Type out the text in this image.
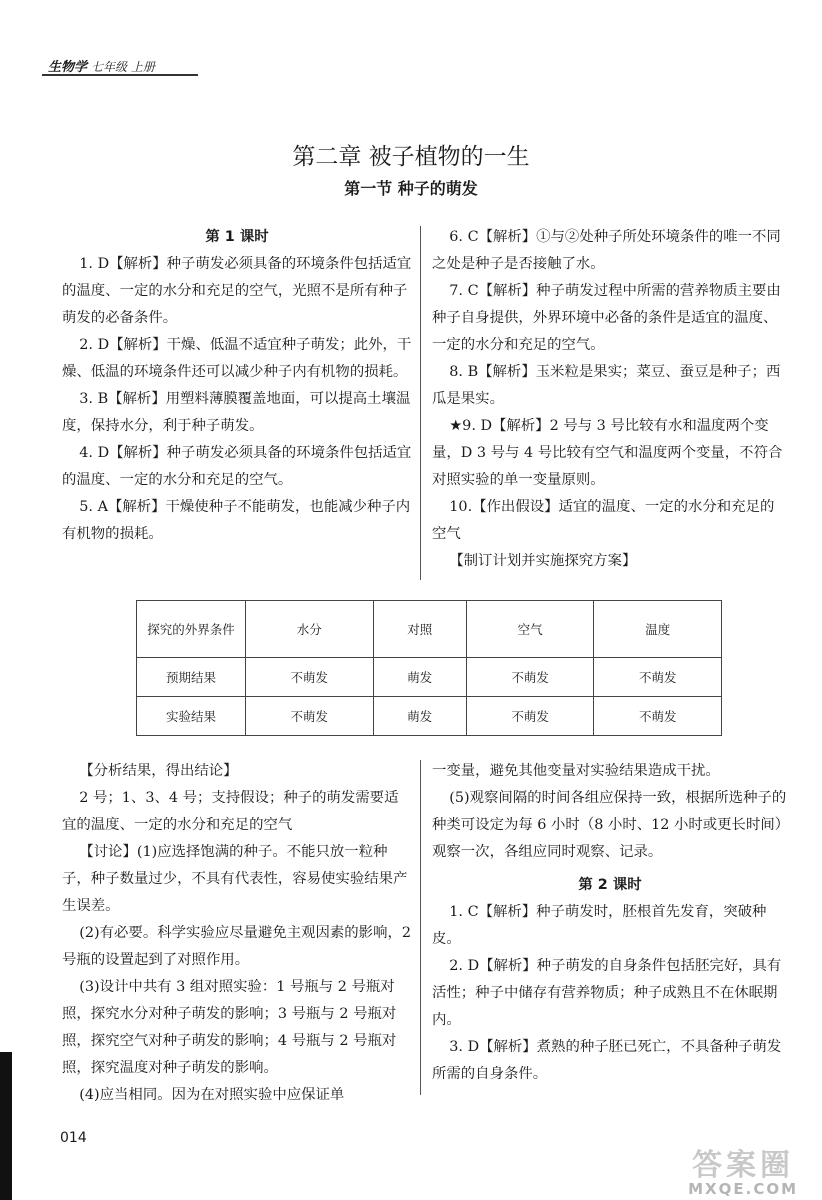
生物学 七年级 上册
第二章 被子植物的一生
第一节 种子的萌发

第 1 课时

1. D【解析】种子萌发必须具备的环境条件包括适宜的温度、一定的水分和充足的空气，光照不是所有种子萌发的必备条件。

2. D【解析】干燥、低温不适宜种子萌发；此外，干燥、低温的环境条件还可以减少种子内有机物的损耗。

3. B【解析】用塑料薄膜覆盖地面，可以提高土壤温度，保持水分，利于种子萌发。

4. D【解析】种子萌发必须具备的环境条件包括适宜的温度、一定的水分和充足的空气。

5. A【解析】干燥使种子不能萌发，也能减少种子内有机物的损耗。

6. C【解析】①与②处种子所处环境条件的唯一不同之处是种子是否接触了水。

7. C【解析】种子萌发过程中所需的营养物质主要由种子自身提供，外界环境中必备的条件是适宜的温度、一定的水分和充足的空气。

8. B【解析】玉米粒是果实；菜豆、蚕豆是种子；西瓜是果实。

★9. D【解析】2 号与 3 号比较有水和温度两个变量，D 3 号与 4 号比较有空气和温度两个变量，不符合对照实验的单一变量原则。

10.【作出假设】适宜的温度、一定的水分和充足的空气

【制订计划并实施探究方案】

探究的外界条件	水分	对照	空气	温度
预期结果	不萌发	萌发	不萌发	不萌发
实验结果	不萌发	萌发	不萌发	不萌发

【分析结果，得出结论】

2 号；1、3、4 号；支持假设；种子的萌发需要适宜的温度、一定的水分和充足的空气

【讨论】(1)应选择饱满的种子。不能只放一粒种子，种子数量过少，不具有代表性，容易使实验结果产生误差。

(2)有必要。科学实验应尽量避免主观因素的影响，2 号瓶的设置起到了对照作用。

(3)设计中共有 3 组对照实验：1 号瓶与 2 号瓶对照，探究水分对种子萌发的影响；3 号瓶与 2 号瓶对照，探究空气对种子萌发的影响；4 号瓶与 2 号瓶对照，探究温度对种子萌发的影响。

(4)应当相同。因为在对照实验中应保证单

一变量，避免其他变量对实验结果造成干扰。

(5)观察间隔的时间各组应保持一致，根据所选种子的种类可设定为每 6 小时（8 小时、12 小时或更长时间）观察一次，各组应同时观察、记录。

第 2 课时

1. C【解析】种子萌发时，胚根首先发育，突破种皮。

2. D【解析】种子萌发的自身条件包括胚完好，具有活性；种子中储存有营养物质；种子成熟且不在休眠期内。

3. D【解析】煮熟的种子胚已死亡，不具备种子萌发所需的自身条件。

014
答案圈
MXQE.COM
